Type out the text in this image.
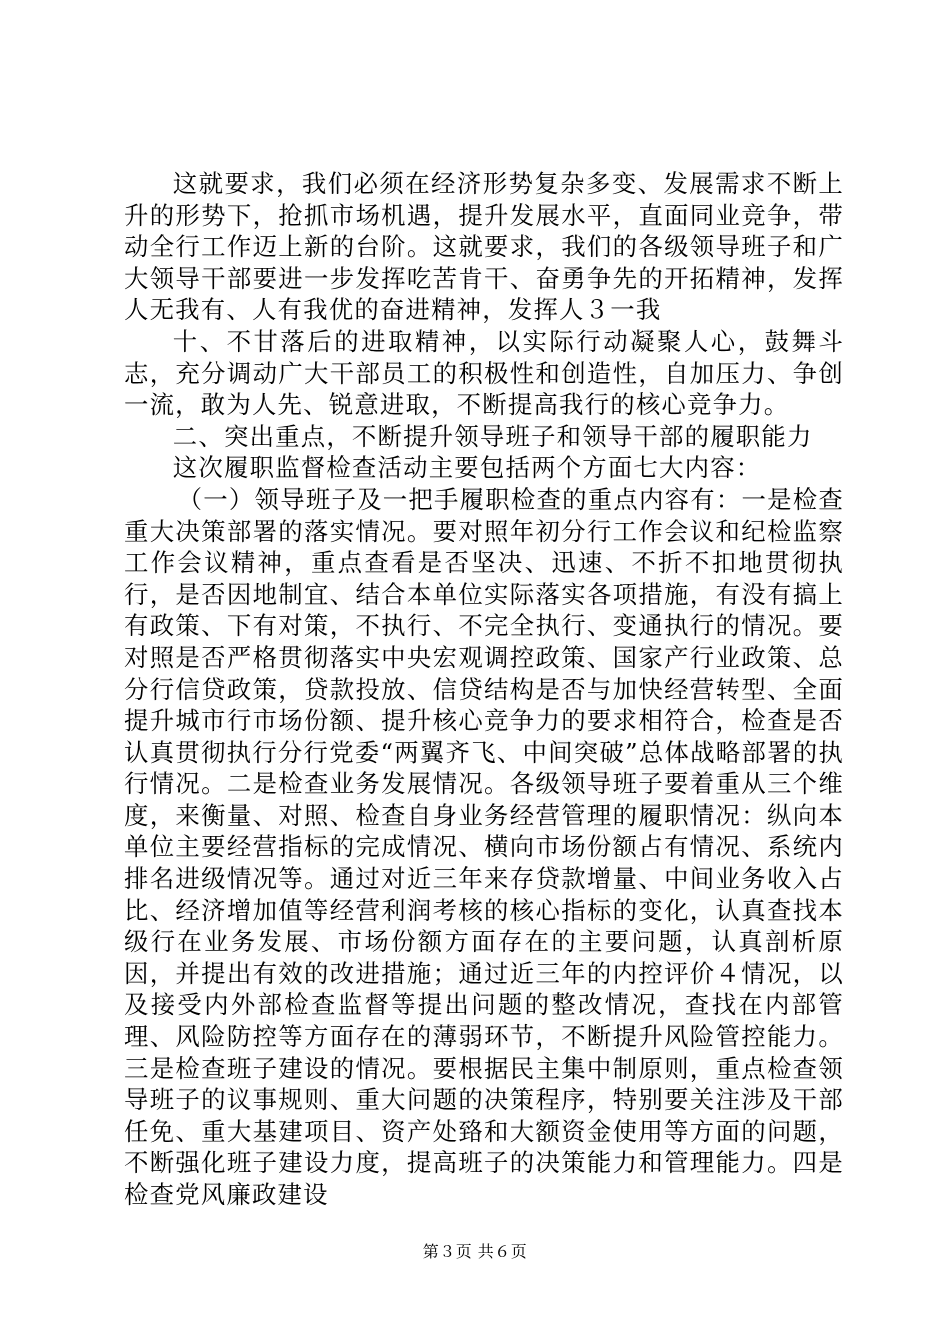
这就要求，我们必须在经济形势复杂多变、发展需求不断上升的形势下，抢抓市场机遇，提升发展水平，直面同业竞争，带动全行工作迈上新的台阶。这就要求，我们的各级领导班子和广大领导干部要进一步发挥吃苦肯干、奋勇争先的开拓精神，发挥人无我有、人有我优的奋进精神，发挥人３一我

十、不甘落后的进取精神，以实际行动凝聚人心，鼓舞斗志，充分调动广大干部员工的积极性和创造性，自加压力、争创一流，敢为人先、锐意进取，不断提高我行的核心竞争力。

二、突出重点，不断提升领导班子和领导干部的履职能力

这次履职监督检查活动主要包括两个方面七大内容：

（一）领导班子及一把手履职检查的重点内容有：一是检查重大决策部署的落实情况。要对照年初分行工作会议和纪检监察工作会议精神，重点查看是否坚决、迅速、不折不扣地贯彻执行，是否因地制宜、结合本单位实际落实各项措施，有没有搞上有政策、下有对策，不执行、不完全执行、变通执行的情况。要对照是否严格贯彻落实中央宏观调控政策、国家产行业政策、总分行信贷政策，贷款投放、信贷结构是否与加快经营转型、全面提升城市行市场份额、提升核心竞争力的要求相符合，检查是否认真贯彻执行分行党委“两翼齐飞、中间突破”总体战略部署的执行情况。二是检查业务发展情况。各级领导班子要着重从三个维度，来衡量、对照、检查自身业务经营管理的履职情况：纵向本单位主要经营指标的完成情况、横向市场份额占有情况、系统内排名进级情况等。通过对近三年来存贷款增量、中间业务收入占比、经济增加值等经营利润考核的核心指标的变化，认真查找本级行在业务发展、市场份额方面存在的主要问题，认真剖析原因，并提出有效的改进措施；通过近三年的内控评价４情况，以及接受内外部检查监督等提出问题的整改情况，查找在内部管理、风险防控等方面存在的薄弱环节，不断提升风险管控能力。三是检查班子建设的情况。要根据民主集中制原则，重点检查领导班子的议事规则、重大问题的决策程序，特别要关注涉及干部任免、重大基建项目、资产处臵和大额资金使用等方面的问题，不断强化班子建设力度，提高班子的决策能力和管理能力。四是检查党风廉政建设

第３页 共６页
